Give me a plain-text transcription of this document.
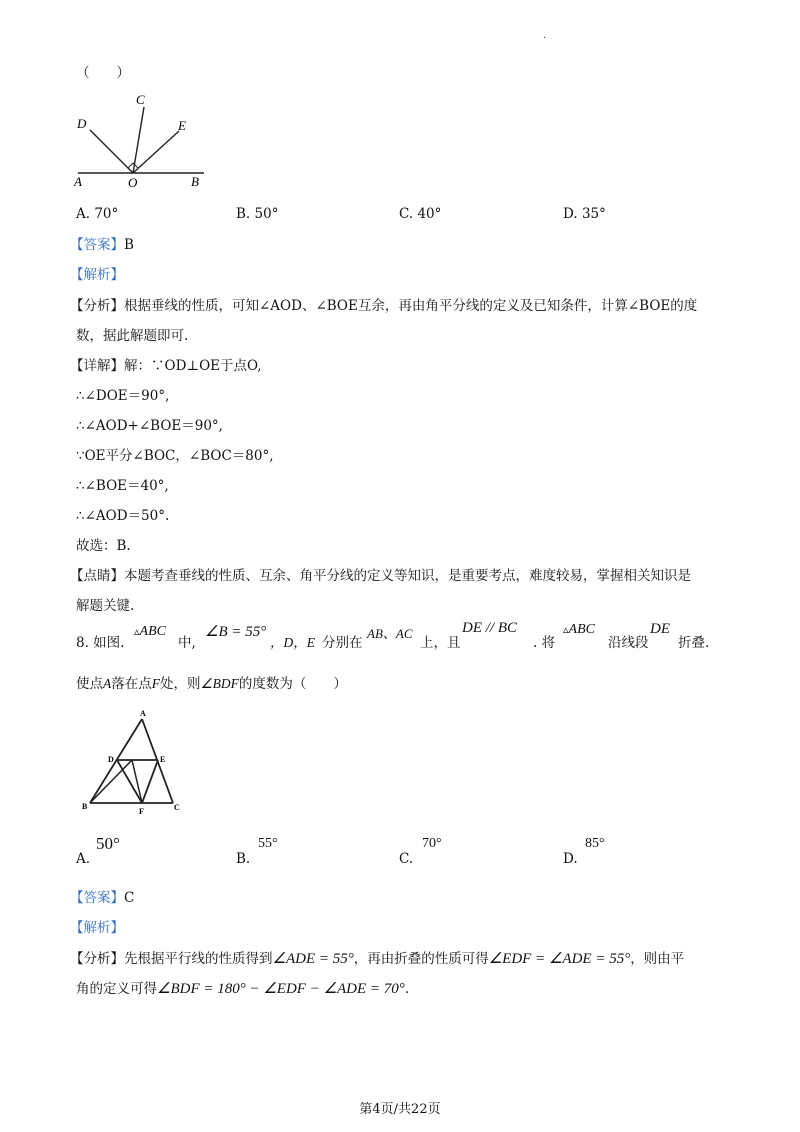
.
（　　）
C
D	E
A	O	B
A. 70°	B. 50°	C. 40°	D. 35°
【答案】B
【解析】
【分析】根据垂线的性质，可知∠AOD、∠BOE互余，再由角平分线的定义及已知条件，计算∠BOE的度
数，据此解题即可.
【详解】解：∵OD⊥OE于点O,
∴∠DOE＝90°,
∴∠AOD+∠BOE＝90°,
∵OE平分∠BOC，∠BOC＝80°,
∴∠BOE＝40°,
∴∠AOD＝50°.
故选：B.
【点睛】本题考查垂线的性质、互余、角平分线的定义等知识，是重要考点，难度较易，掌握相关知识是
解题关键.
8. 如图.
▵ABC
中,
∠B = 55°
，D，E 分别在
AB、AC
上，且
DE // BC
. 将
▵ABC
沿线段
DE
折叠.
使点A落在点F处，则∠BDF的度数为（　　）
A
D	E
B
F	C
A.
50°
B.
55°
C.
70°
D.
85°
【答案】C
【解析】
【分析】先根据平行线的性质得到∠ADE = 55°，再由折叠的性质可得∠EDF = ∠ADE = 55°，则由平
角的定义可得∠BDF = 180° − ∠EDF − ∠ADE = 70°.
第4页/共22页
